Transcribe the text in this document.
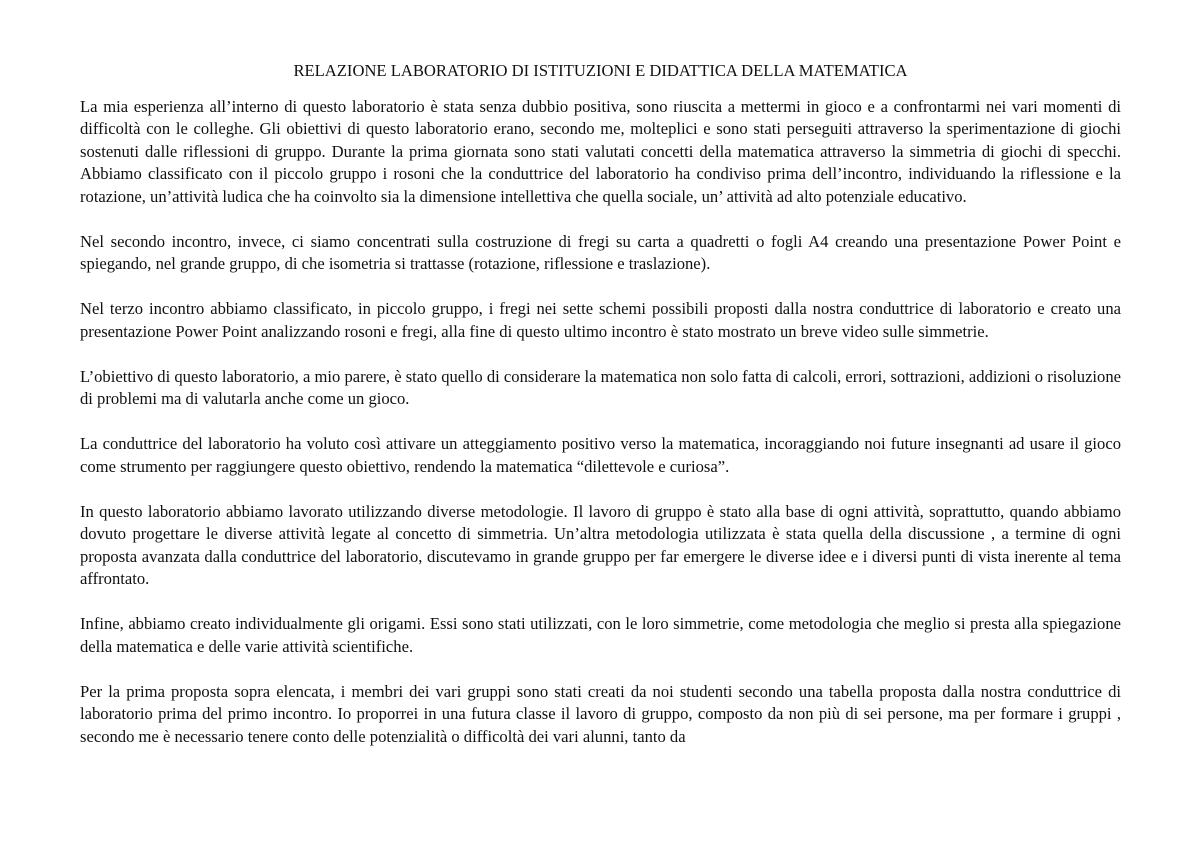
RELAZIONE LABORATORIO DI ISTITUZIONI E DIDATTICA DELLA MATEMATICA

La mia esperienza all’interno di questo laboratorio è stata senza dubbio positiva, sono riuscita a mettermi in gioco e a confrontarmi nei vari momenti di difficoltà con le colleghe. Gli obiettivi di questo laboratorio erano, secondo me, molteplici e sono stati perseguiti attraverso la sperimentazione di giochi sostenuti dalle riflessioni di gruppo. Durante la prima giornata sono stati valutati concetti della matematica attraverso la simmetria di giochi di specchi. Abbiamo classificato con il piccolo gruppo i rosoni che la conduttrice del laboratorio ha condiviso prima dell’incontro, individuando la riflessione e la rotazione, un’attività ludica che ha coinvolto sia la dimensione intellettiva che quella sociale, un’ attività ad alto potenziale educativo.

Nel secondo incontro, invece, ci siamo concentrati sulla costruzione di fregi su carta a quadretti o fogli A4 creando una presentazione Power Point e spiegando, nel grande gruppo, di che isometria si trattasse (rotazione, riflessione e traslazione).

Nel terzo incontro abbiamo classificato, in piccolo gruppo, i fregi nei sette schemi possibili proposti dalla nostra conduttrice di laboratorio e creato una presentazione Power Point analizzando rosoni e fregi, alla fine di questo ultimo incontro è stato mostrato un breve video sulle simmetrie.

L’obiettivo di questo laboratorio, a mio parere, è stato quello di considerare la matematica non solo fatta di calcoli, errori, sottrazioni, addizioni o risoluzione di problemi ma di valutarla anche come un gioco.

La conduttrice del laboratorio ha voluto così attivare un atteggiamento positivo verso la matematica, incoraggiando noi future insegnanti ad usare il gioco come strumento per raggiungere questo obiettivo, rendendo la matematica “dilettevole e curiosa”.

In questo laboratorio abbiamo lavorato utilizzando diverse metodologie. Il lavoro di gruppo è stato alla base di ogni attività, soprattutto, quando abbiamo dovuto progettare le diverse attività legate al concetto di simmetria. Un’altra metodologia utilizzata è stata quella della discussione , a termine di ogni proposta avanzata dalla conduttrice del laboratorio, discutevamo in grande gruppo per far emergere le diverse idee e i diversi punti di vista inerente al tema affrontato.

Infine, abbiamo creato individualmente gli origami. Essi sono stati utilizzati, con le loro simmetrie, come metodologia che meglio si presta alla spiegazione della matematica e delle varie attività scientifiche.

Per la prima proposta sopra elencata, i membri dei vari gruppi sono stati creati da noi studenti secondo una tabella proposta dalla nostra conduttrice di laboratorio prima del primo incontro. Io proporrei in una futura classe il lavoro di gruppo, composto da non più di sei persone, ma per formare i gruppi , secondo me è necessario tenere conto delle potenzialità o difficoltà dei vari alunni, tanto da
